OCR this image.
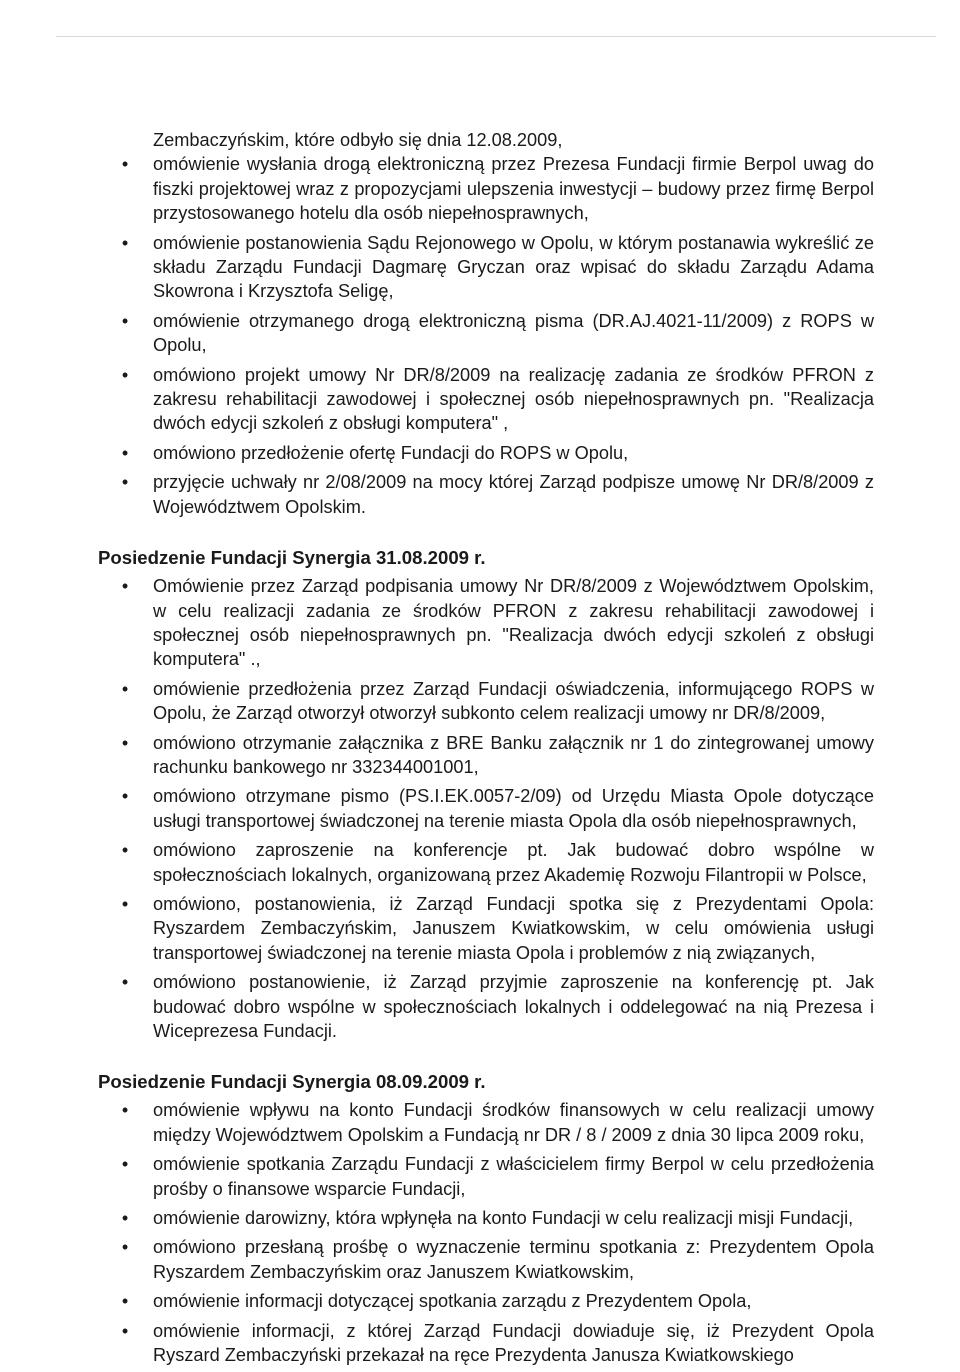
Zembaczyńskim, które odbyło się dnia 12.08.2009,

• omówienie wysłania drogą elektroniczną przez Prezesa Fundacji firmie Berpol uwag do fiszki projektowej wraz z propozycjami ulepszenia inwestycji – budowy przez firmę Berpol przystosowanego hotelu dla osób niepełnosprawnych,
• omówienie postanowienia Sądu Rejonowego w Opolu, w którym postanawia wykreślić ze składu Zarządu Fundacji Dagmarę Gryczan oraz wpisać do składu Zarządu Adama Skowrona i Krzysztofa Seligę,
• omówienie otrzymanego drogą elektroniczną pisma (DR.AJ.4021-11/2009) z ROPS w Opolu,
• omówiono projekt umowy Nr DR/8/2009 na realizację zadania ze środków PFRON z zakresu rehabilitacji zawodowej i społecznej osób niepełnosprawnych pn. "Realizacja dwóch edycji szkoleń z obsługi komputera" ,
• omówiono przedłożenie ofertę Fundacji do ROPS w Opolu,
• przyjęcie uchwały nr 2/08/2009 na mocy której Zarząd podpisze umowę Nr DR/8/2009 z Województwem Opolskim.
Posiedzenie Fundacji Synergia 31.08.2009 r.
• Omówienie przez Zarząd podpisania umowy Nr DR/8/2009 z Województwem Opolskim, w celu realizacji zadania ze środków PFRON z zakresu rehabilitacji zawodowej i społecznej osób niepełnosprawnych pn. "Realizacja dwóch edycji szkoleń z obsługi komputera" .,
• omówienie przedłożenia przez Zarząd Fundacji oświadczenia, informującego ROPS w Opolu, że Zarząd otworzył otworzył subkonto celem realizacji umowy nr DR/8/2009,
• omówiono otrzymanie załącznika z BRE Banku załącznik nr 1 do zintegrowanej umowy rachunku bankowego nr 332344001001,
• omówiono otrzymane pismo (PS.I.EK.0057-2/09) od Urzędu Miasta Opole dotyczące usługi transportowej świadczonej na terenie miasta Opola dla osób niepełnosprawnych,
• omówiono zaproszenie na konferencje pt. Jak budować dobro wspólne w społecznościach lokalnych, organizowaną przez Akademię Rozwoju Filantropii w Polsce,
• omówiono, postanowienia, iż Zarząd Fundacji spotka się z Prezydentami Opola: Ryszardem Zembaczyńskim, Januszem Kwiatkowskim, w celu omówienia usługi transportowej świadczonej na terenie miasta Opola i problemów z nią związanych,
• omówiono postanowienie, iż Zarząd przyjmie zaproszenie na konferencję pt. Jak budować dobro wspólne w społecznościach lokalnych i oddelegować na nią Prezesa i Wiceprezesa Fundacji.
Posiedzenie Fundacji Synergia 08.09.2009 r.
• omówienie wpływu na konto Fundacji środków finansowych w celu realizacji umowy między Województwem Opolskim a Fundacją nr DR / 8 / 2009 z dnia 30 lipca 2009 roku,
• omówienie spotkania Zarządu Fundacji z właścicielem firmy Berpol w celu przedłożenia prośby o finansowe wsparcie Fundacji,
• omówienie darowizny, która wpłynęła na konto Fundacji w celu realizacji misji Fundacji,
• omówiono przesłaną prośbę o wyznaczenie terminu spotkania z: Prezydentem Opola Ryszardem Zembaczyńskim oraz Januszem Kwiatkowskim,
• omówienie informacji dotyczącej spotkania zarządu z Prezydentem Opola,
• omówienie informacji, z której Zarząd Fundacji dowiaduje się, iż Prezydent Opola Ryszard Zembaczyński przekazał na ręce Prezydenta Janusza Kwiatkowskiego
